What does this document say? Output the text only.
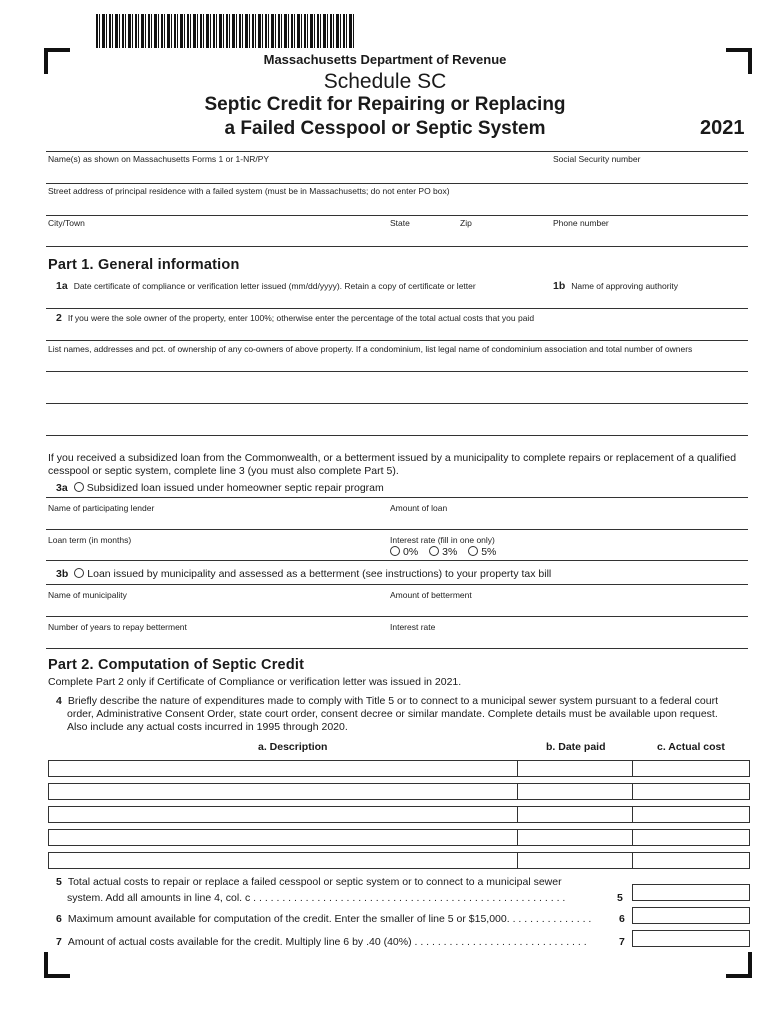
Massachusetts Department of Revenue
Schedule SC
Septic Credit for Repairing or Replacing
a Failed Cesspool or Septic System	2021
Name(s) as shown on Massachusetts Forms 1 or 1-NR/PY	Social Security number
Street address of principal residence with a failed system (must be in Massachusetts; do not enter PO box)
City/Town	State	Zip	Phone number
Part 1. General information
1a Date certificate of compliance or verification letter issued (mm/dd/yyyy). Retain a copy of certificate or letter	1b Name of approving authority
2 If you were the sole owner of the property, enter 100%; otherwise enter the percentage of the total actual costs that you paid
List names, addresses and pct. of ownership of any co-owners of above property. If a condominium, list legal name of condominium association and total number of owners
If you received a subsidized loan from the Commonwealth, or a betterment issued by a municipality to complete repairs or replacement of a qualified
cesspool or septic system, complete line 3 (you must also complete Part 5).
3a Subsidized loan issued under homeowner septic repair program
Name of participating lender	Amount of loan
Loan term (in months)	Interest rate (fill in one only)
0% 3% 5%
3b Loan issued by municipality and assessed as a betterment (see instructions) to your property tax bill
Name of municipality	Amount of betterment
Number of years to repay betterment	Interest rate
Part 2. Computation of Septic Credit
Complete Part 2 only if Certificate of Compliance or verification letter was issued in 2021.
4 Briefly describe the nature of expenditures made to comply with Title 5 or to connect to a municipal sewer system pursuant to a federal court
order, Administrative Consent Order, state court order, consent decree or similar mandate. Complete details must be available upon request.
Also include any actual costs incurred in 1995 through 2020.
a. Description	b. Date paid	c. Actual cost
5 Total actual costs to repair or replace a failed cesspool or septic system or to connect to a municipal sewer
system. Add all amounts in line 4, col. c . . . . . . . . . . . . . . . . . . . . . . . . . . . . . . . . . . . . . . . . . . . . . . . . . . . . . .	5
6 Maximum amount available for computation of the credit. Enter the smaller of line 5 or $15,000. . . . . . . . . . . . . . .	6
7 Amount of actual costs available for the credit. Multiply line 6 by .40 (40%) . . . . . . . . . . . . . . . . . . . . . . . . . . . . . .	7
